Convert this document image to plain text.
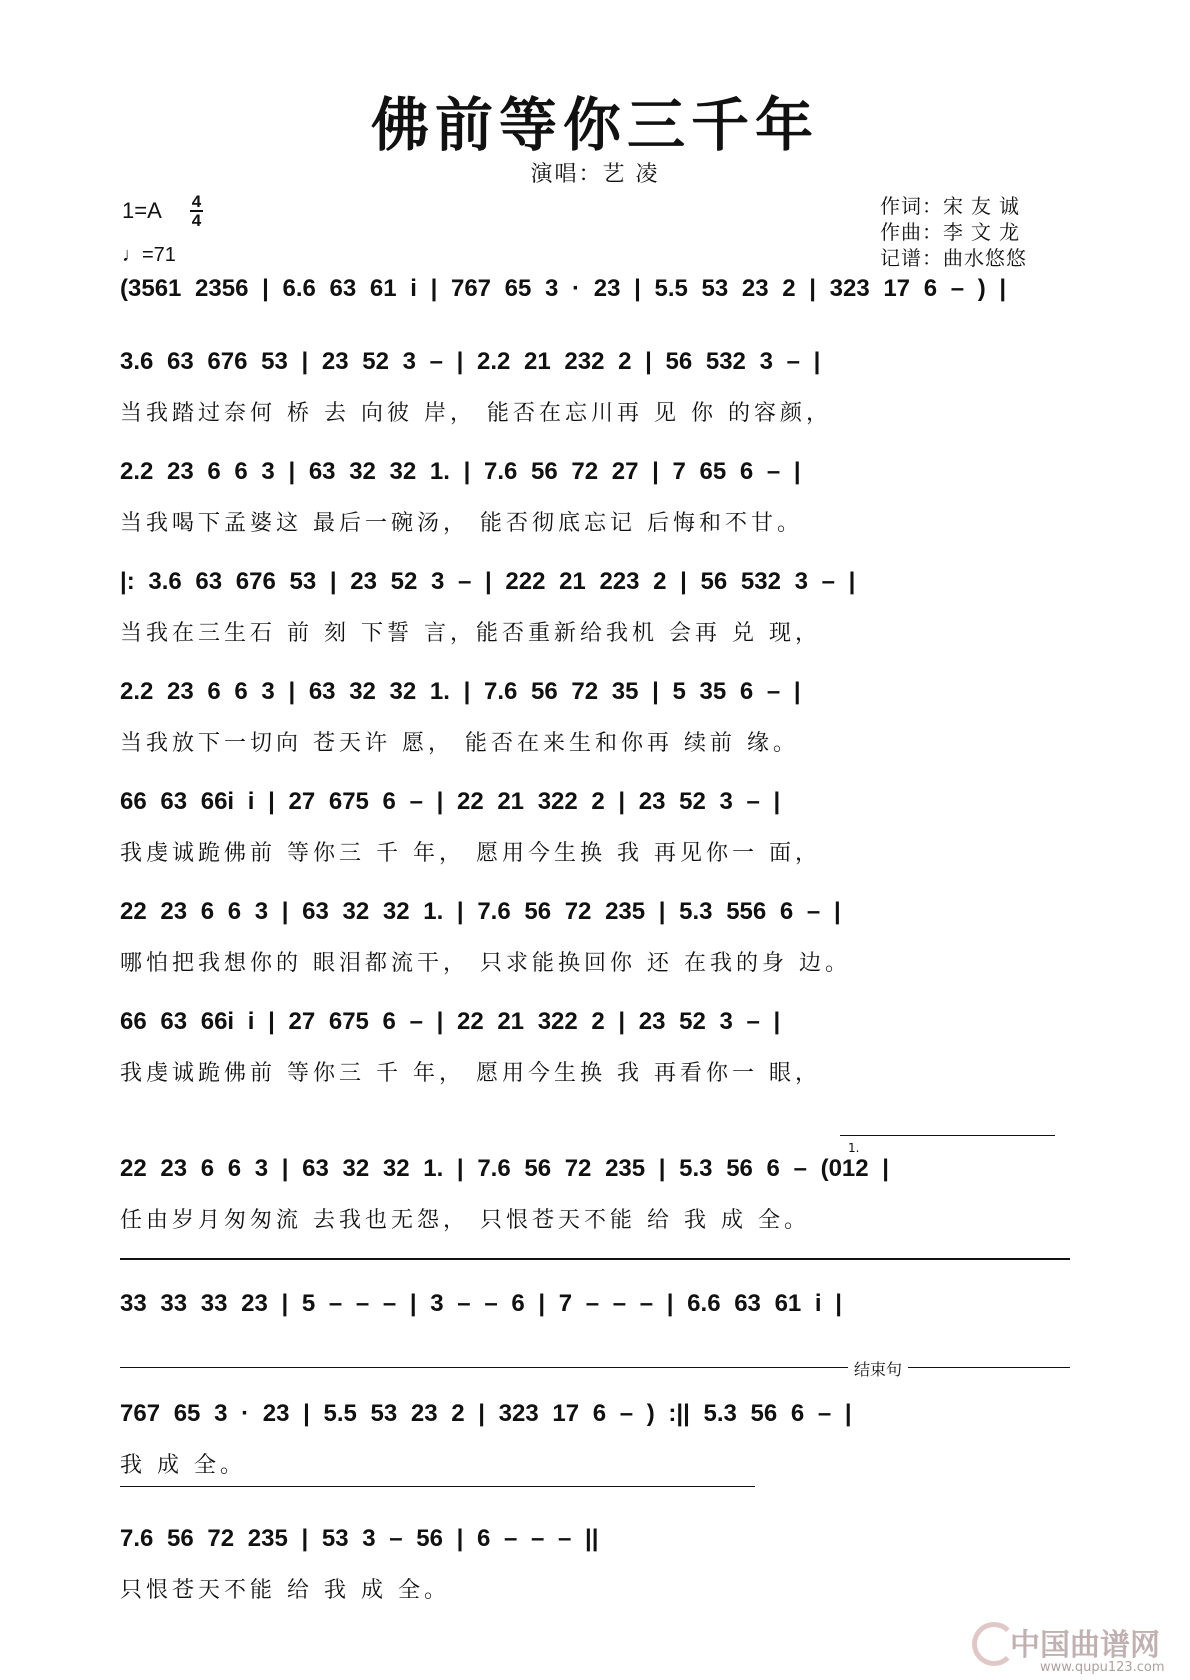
佛前等你三千年
演唱：艺 凌
1=A 4
4
♩=71
作词：宋友诚
作曲：李文龙
记谱：曲水悠悠
(3561 2356 | 6.6 63 61 i | 767 65 3 · 23 | 5.5 53 23 2 | 323 17 6 – ) |
3.6 63 676 53 | 23 52 3 – | 2.2 21 232 2 | 56 532 3 – |
当我踏过奈何 桥 去 向彼 岸， 能否在忘川再 见 你 的容颜，
2.2 23 6 6 3 | 63 32 32 1. | 7.6 56 72 27 | 7 65 6 – |
当我喝下孟婆这 最后一碗汤， 能否彻底忘记 后悔和不甘。
|: 3.6 63 676 53 | 23 52 3 – | 222 21 223 2 | 56 532 3 – |
当我在三生石 前 刻 下誓 言，能否重新给我机 会再 兑 现，
2.2 23 6 6 3 | 63 32 32 1. | 7.6 56 72 35 | 5 35 6 – |
当我放下一切向 苍天许 愿， 能否在来生和你再 续前 缘。
66 63 66i i | 27 675 6 – | 22 21 322 2 | 23 52 3 – |
我虔诚跪佛前 等你三 千 年， 愿用今生换 我 再见你一 面，
22 23 6 6 3 | 63 32 32 1. | 7.6 56 72 235 | 5.3 556 6 – |
哪怕把我想你的 眼泪都流干， 只求能换回你 还 在我的身 边。
66 63 66i i | 27 675 6 – | 22 21 322 2 | 23 52 3 – |
我虔诚跪佛前 等你三 千 年， 愿用今生换 我 再看你一 眼，
1.
22 23 6 6 3 | 63 32 32 1. | 7.6 56 72 235 | 5.3 56 6 – (012 |
任由岁月匆匆流 去我也无怨， 只恨苍天不能 给 我 成 全。
33 33 33 23 | 5 – – – | 3 – – 6 | 7 – – – | 6.6 63 61 i |
结束句
767 65 3 · 23 | 5.5 53 23 2 | 323 17 6 – ) :|| 5.3 56 6 – |
我 成 全。
7.6 56 72 235 | 53 3 – 56 | 6 – – – ||
只恨苍天不能 给 我 成 全。
中国曲谱网
www.qupu123.com
